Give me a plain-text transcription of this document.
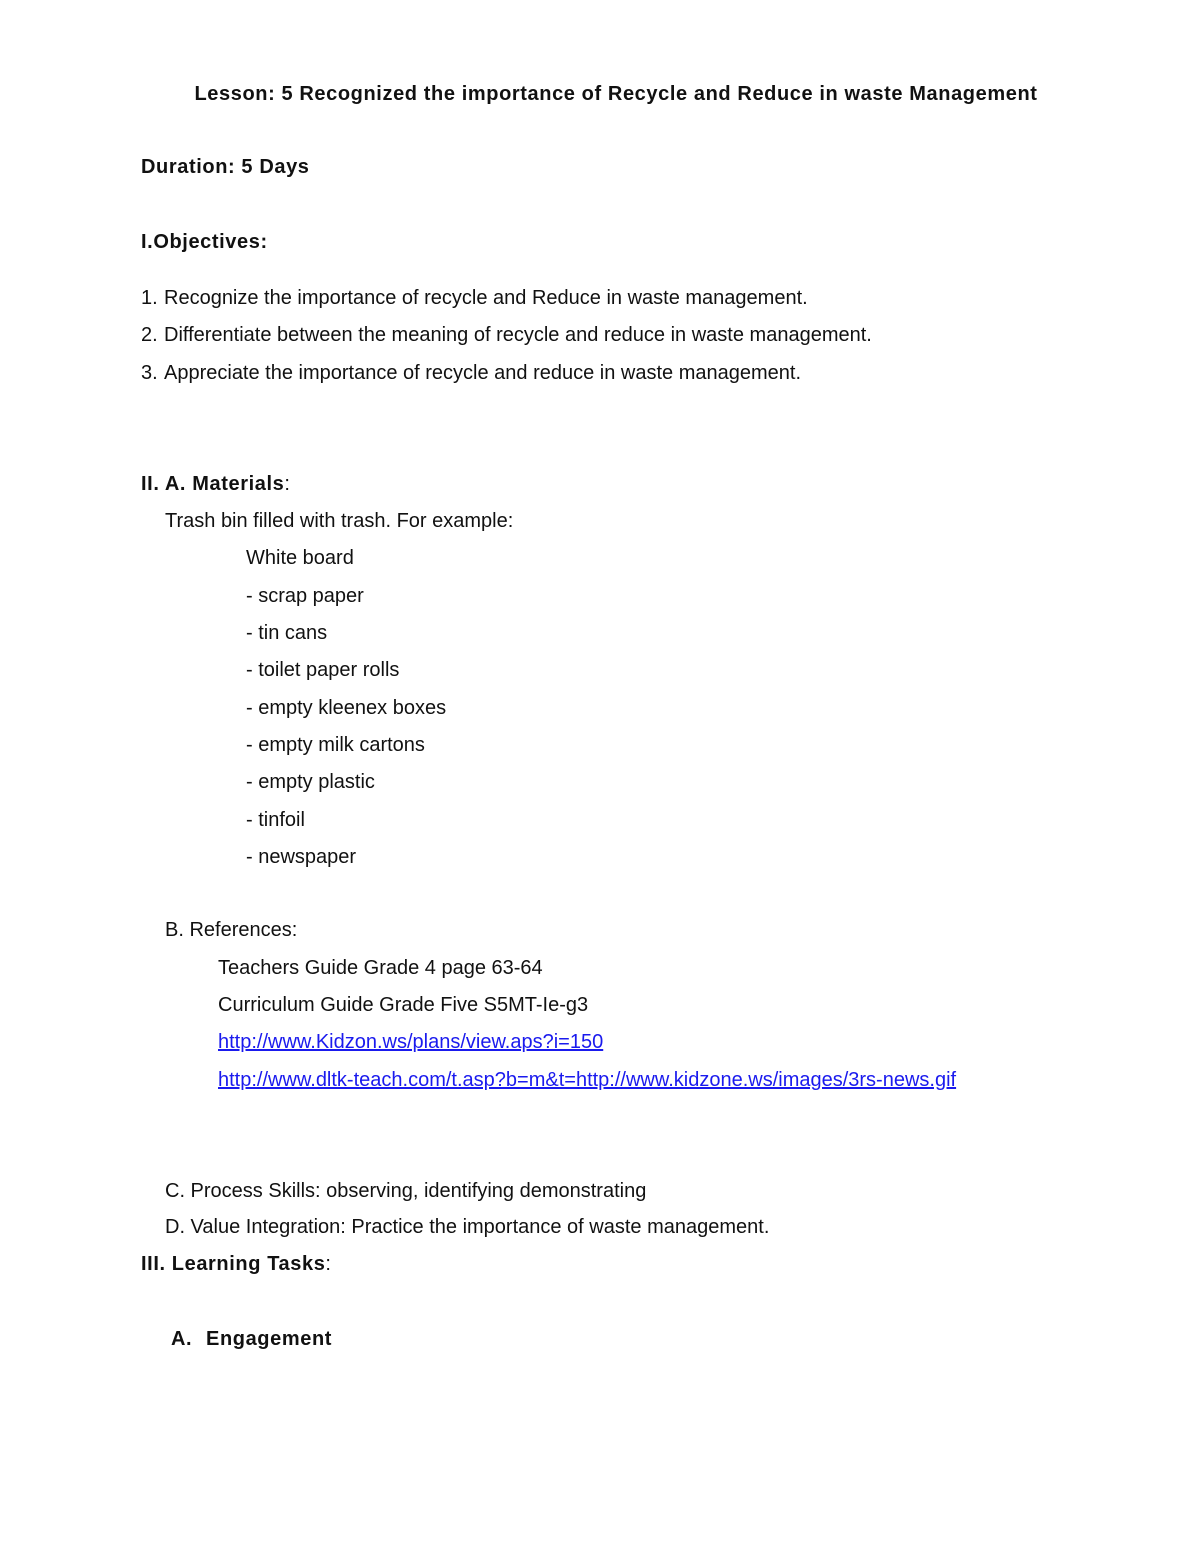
Lesson: 5 Recognized the importance of Recycle and Reduce in waste Management
Duration: 5 Days
I.Objectives:
1. Recognize the importance of recycle and Reduce in waste management.
2. Differentiate between the meaning of recycle and reduce in waste management.
3. Appreciate the importance of recycle and reduce in waste management.
II. A. Materials:
Trash bin filled with trash. For example:
White board
- scrap paper
- tin cans
- toilet paper rolls
- empty kleenex boxes
- empty milk cartons
- empty plastic
- tinfoil
- newspaper
B. References:
Teachers Guide Grade 4 page 63-64
Curriculum Guide Grade Five S5MT-Ie-g3
http://www.Kidzon.ws/plans/view.aps?i=150
http://www.dltk-teach.com/t.asp?b=m&t=http://www.kidzone.ws/images/3rs-news.gif
C. Process Skills: observing, identifying demonstrating
D. Value Integration: Practice the importance of waste management.
III. Learning Tasks:
A. Engagement
